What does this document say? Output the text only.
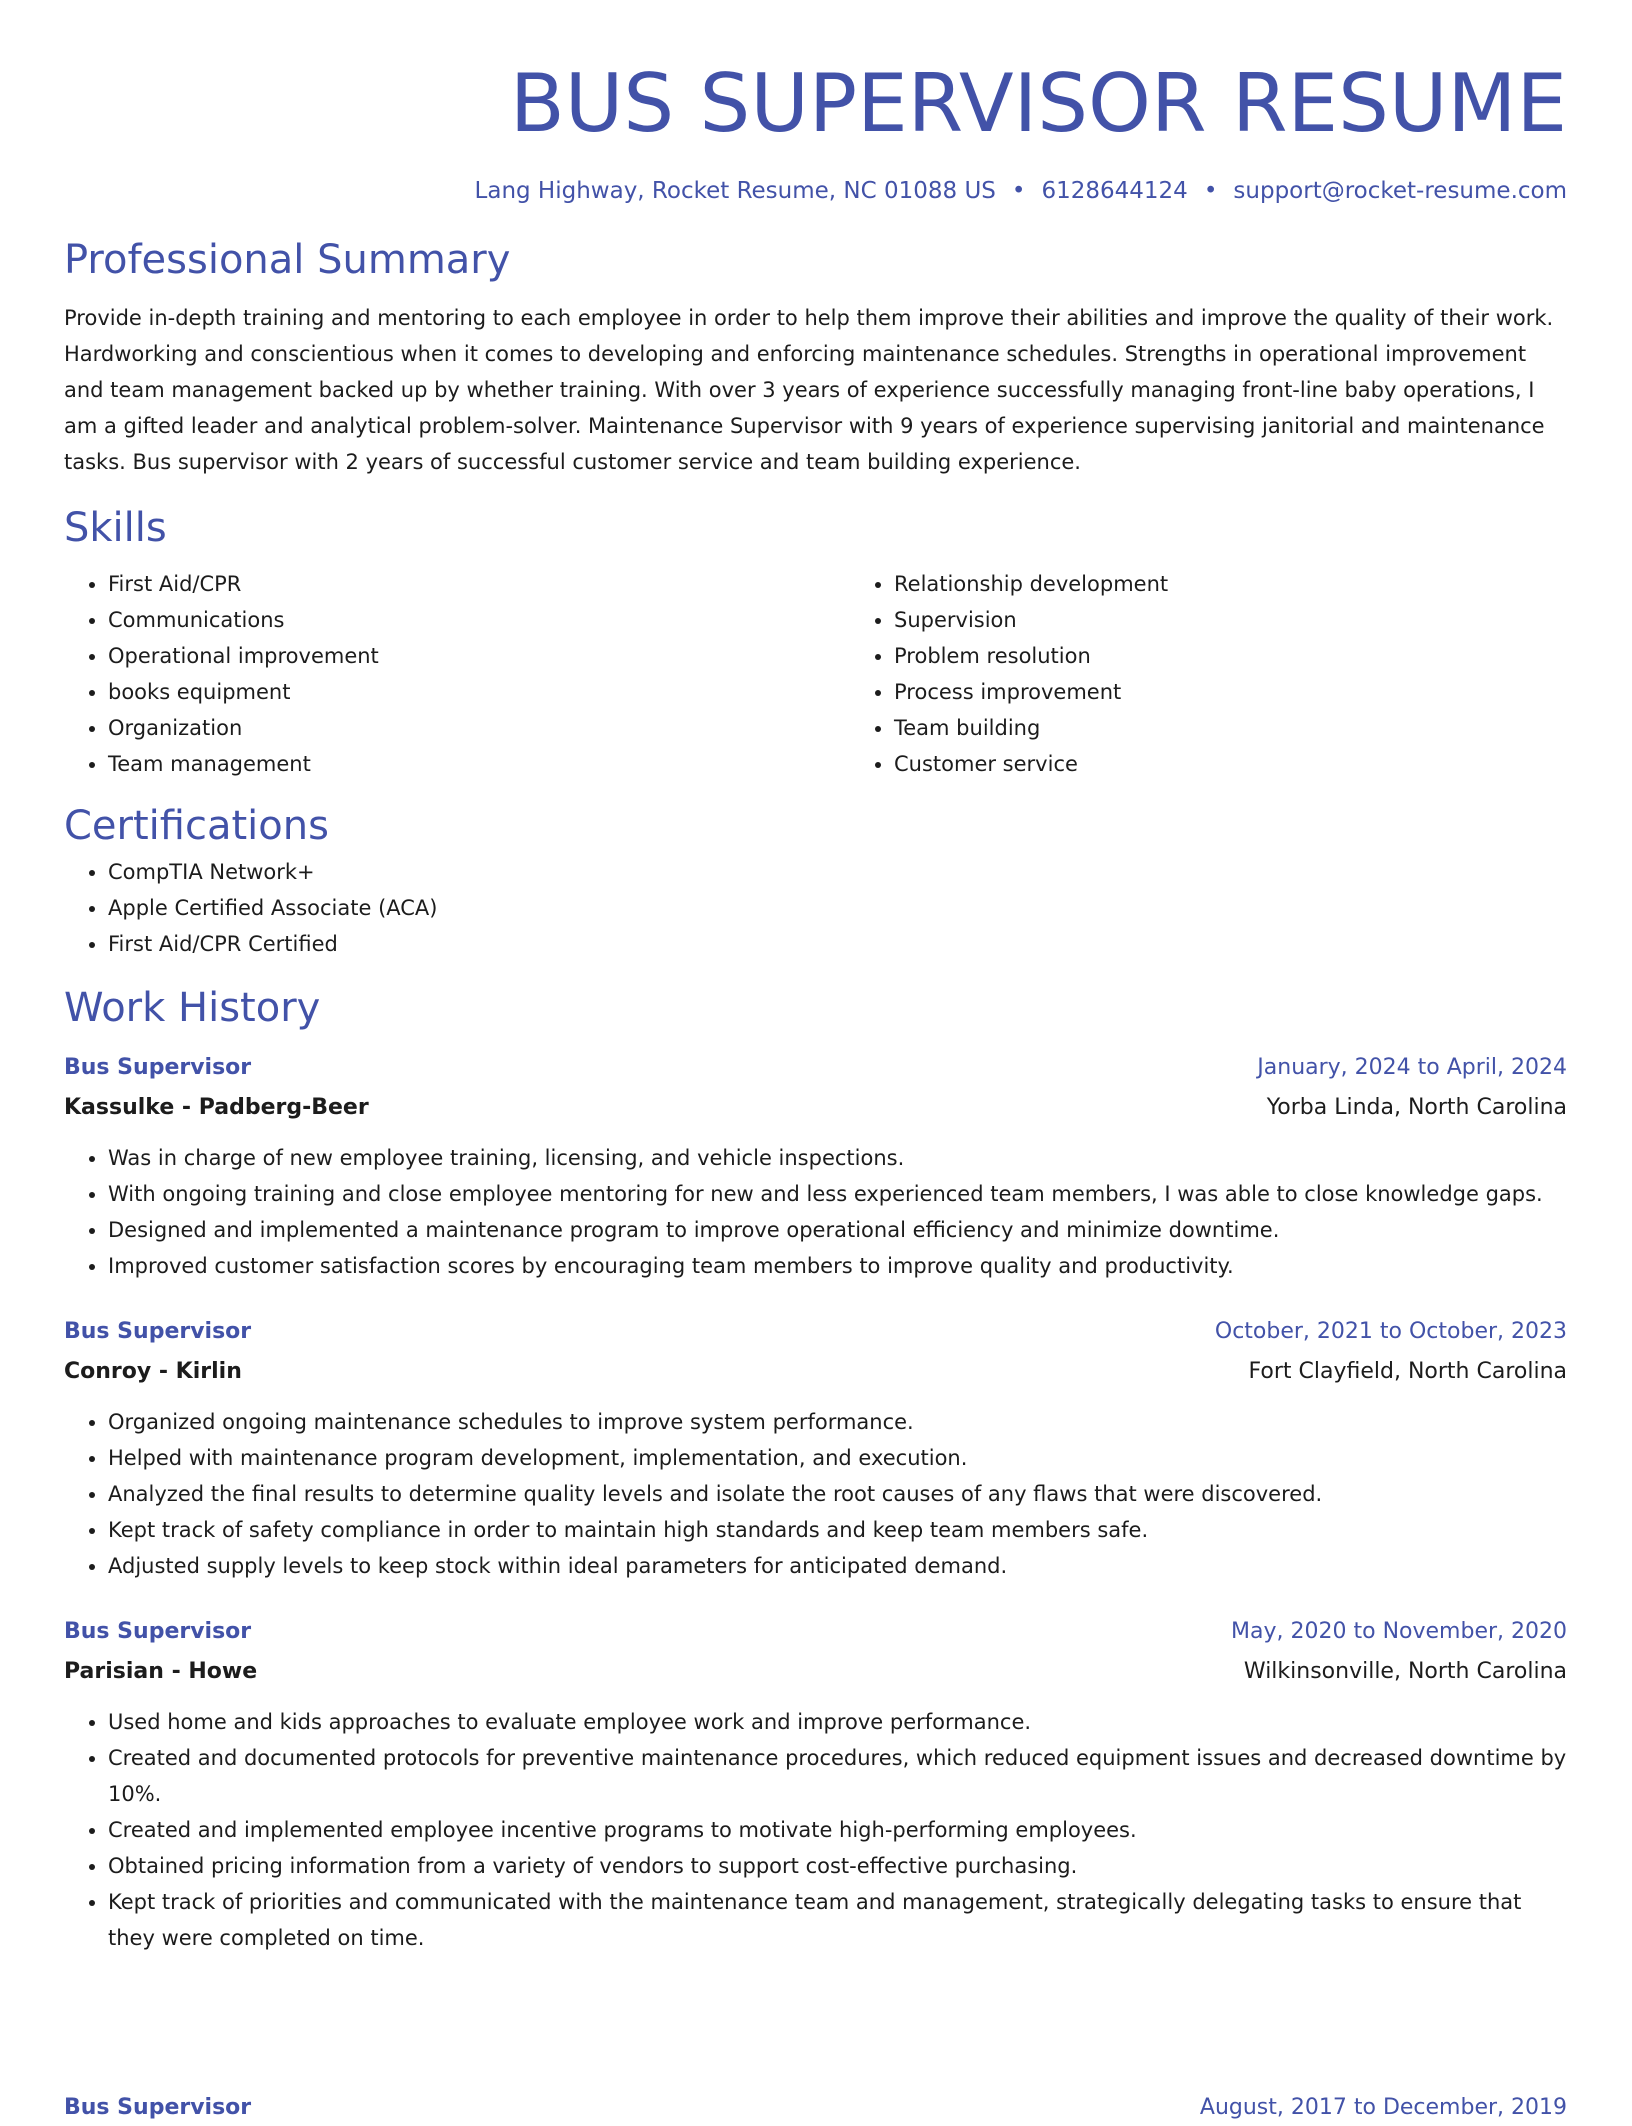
BUS SUPERVISOR RESUME
Lang Highway, Rocket Resume, NC 01088 US • 6128644124 • support@rocket-resume.com
Professional Summary

Provide in-depth training and mentoring to each employee in order to help them improve their abilities and improve the quality of their work. Hardworking and conscientious when it comes to developing and enforcing maintenance schedules. Strengths in operational improvement and team management backed up by whether training. With over 3 years of experience successfully managing front-line baby operations, I am a gifted leader and analytical problem-solver. Maintenance Supervisor with 9 years of experience supervising janitorial and maintenance tasks. Bus supervisor with 2 years of successful customer service and team building experience.

Skills
• First Aid/CPR
• Communications
• Operational improvement
• books equipment
• Organization
• Team management
• Relationship development
• Supervision
• Problem resolution
• Process improvement
• Team building
• Customer service
Certifications
• CompTIA Network+
• Apple Certified Associate (ACA)
• First Aid/CPR Certified
Work History
Bus Supervisor	January, 2024 to April, 2024
Kassulke - Padberg-Beer	Yorba Linda, North Carolina
• Was in charge of new employee training, licensing, and vehicle inspections.
• With ongoing training and close employee mentoring for new and less experienced team members, I was able to close knowledge gaps.
• Designed and implemented a maintenance program to improve operational efficiency and minimize downtime.
• Improved customer satisfaction scores by encouraging team members to improve quality and productivity.
Bus Supervisor	October, 2021 to October, 2023
Conroy - Kirlin	Fort Clayfield, North Carolina
• Organized ongoing maintenance schedules to improve system performance.
• Helped with maintenance program development, implementation, and execution.
• Analyzed the final results to determine quality levels and isolate the root causes of any flaws that were discovered.
• Kept track of safety compliance in order to maintain high standards and keep team members safe.
• Adjusted supply levels to keep stock within ideal parameters for anticipated demand.
Bus Supervisor	May, 2020 to November, 2020
Parisian - Howe	Wilkinsonville, North Carolina
• Used home and kids approaches to evaluate employee work and improve performance.
• Created and documented protocols for preventive maintenance procedures, which reduced equipment issues and decreased downtime by 10%.
• Created and implemented employee incentive programs to motivate high-performing employees.
• Obtained pricing information from a variety of vendors to support cost-effective purchasing.
• Kept track of priorities and communicated with the maintenance team and management, strategically delegating tasks to ensure that they were completed on time.
Bus Supervisor	August, 2017 to December, 2019
